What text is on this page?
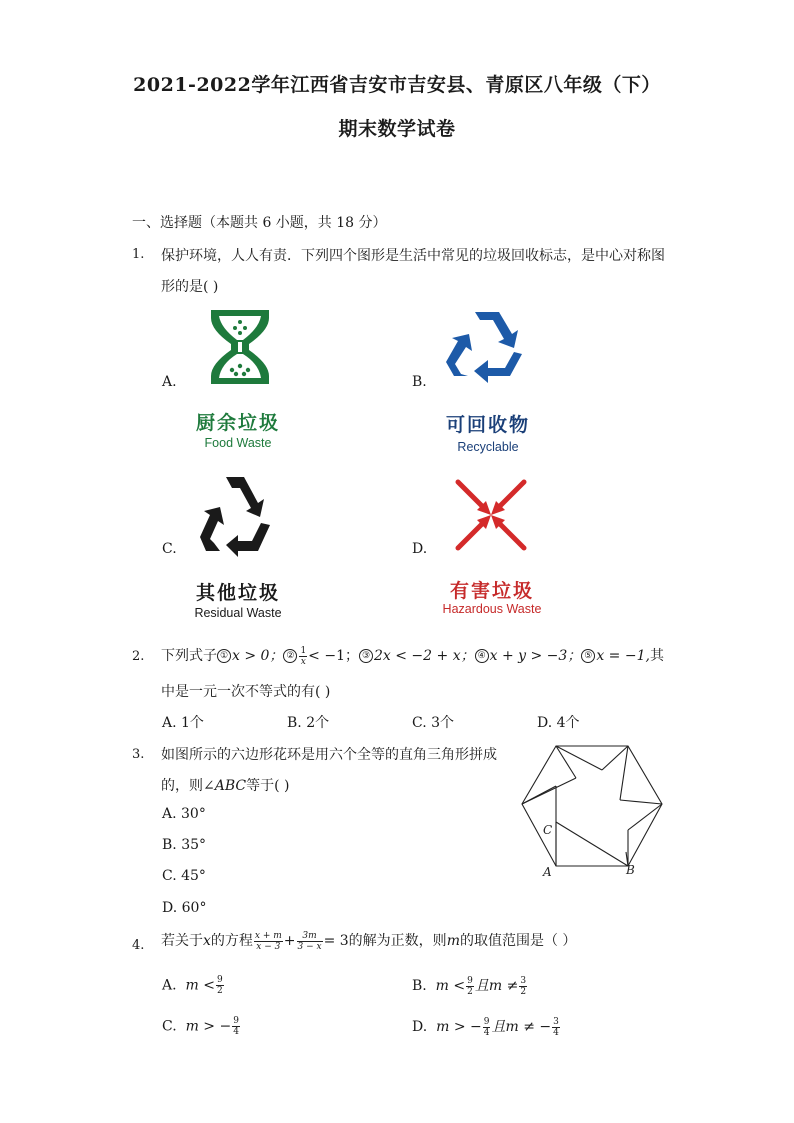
2021-2022学年江西省吉安市吉安县、青原区八年级（下）
期末数学试卷
一、选择题（本题共 6 小题，共 18 分）
1. 保护环境，人人有责．下列四个图形是生活中常见的垃圾回收标志，是中心对称图
形的是( )
A.
厨余垃圾
Food Waste
B.
可回收物
Recyclable
C.
其他垃圾
Residual Waste
D.
有害垃圾
Hazardous Waste
2. 下列式子 ① x > 0； ② $\frac{1}{x} < -1$； ③ 2x < −2 + x； ④ x + y > −3； ⑤ x = −1,其
中是一元一次不等式的有( )
A. 1个	B. 2个	C. 3个	D. 4个
3. 如图所示的六边形花环是用六个全等的直角三角形拼成
的，则∠ABC等于( )
A. 30°
B. 35°
C. 45°
D. 60°
C
A	B
4. 若关于x的方程 $\frac{x + m}{x - 3} + \frac{3m}{3 - x} = 3$的解为正数，则m的取值范围是（ ）
A. $m < \frac{9}{2}$	B. $m < \frac{9}{2}$ 且$m \ne \frac{3}{2}$
C. m > − $\frac{9}{4}$	D. m > − $\frac{9}{4}$ 且m ≠ − $\frac{3}{4}$
